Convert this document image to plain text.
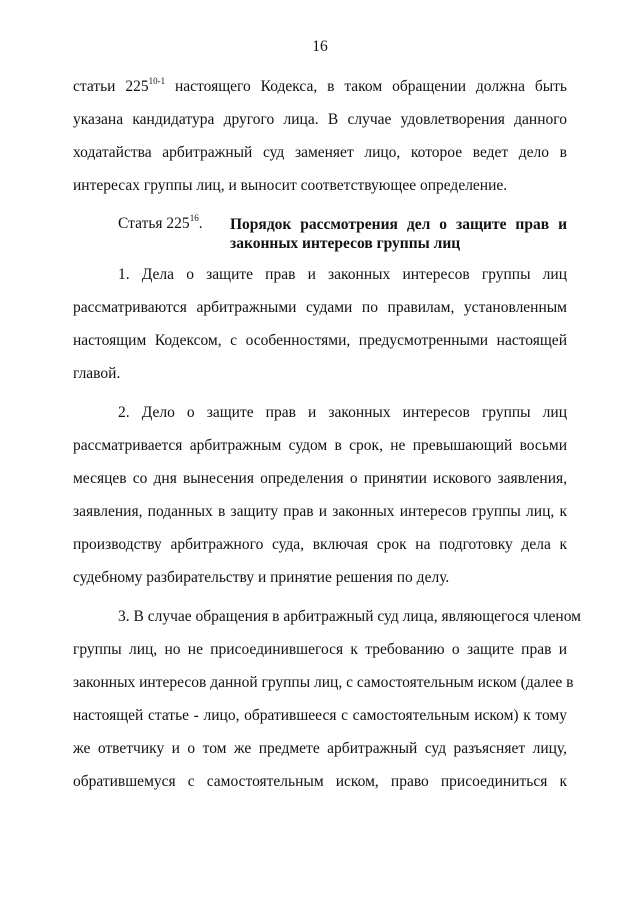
16
статьи 225$^{10-1}$ настоящего Кодекса, в таком обращении должна быть
указана кандидатура другого лица. В случае удовлетворения данного
ходатайства арбитражный суд заменяет лицо, которое ведет дело в
интересах группы лиц, и выносит соответствующее определение.
Статья $225^{16}$. Порядок рассмотрения дел о защите прав и
законных интересов группы лиц
1. Дела о защите прав и законных интересов группы лиц
рассматриваются арбитражными судами по правилам, установленным
настоящим Кодексом, с особенностями, предусмотренными настоящей
главой.
2. Дело о защите прав и законных интересов группы лиц
рассматривается арбитражным судом в срок, не превышающий восьми
месяцев со дня вынесения определения о принятии искового заявления,
заявления, поданных в защиту прав и законных интересов группы лиц, к
производству арбитражного суда, включая срок на подготовку дела к
судебному разбирательству и принятие решения по делу.
3. В случае обращения в арбитражный суд лица, являющегося членом
группы лиц, но не присоединившегося к требованию о защите прав и
законных интересов данной группы лиц, с самостоятельным иском (далее в
настоящей статье - лицо, обратившееся с самостоятельным иском) к тому
же ответчику и о том же предмете арбитражный суд разъясняет лицу,
обратившемуся с самостоятельным иском, право присоединиться к
